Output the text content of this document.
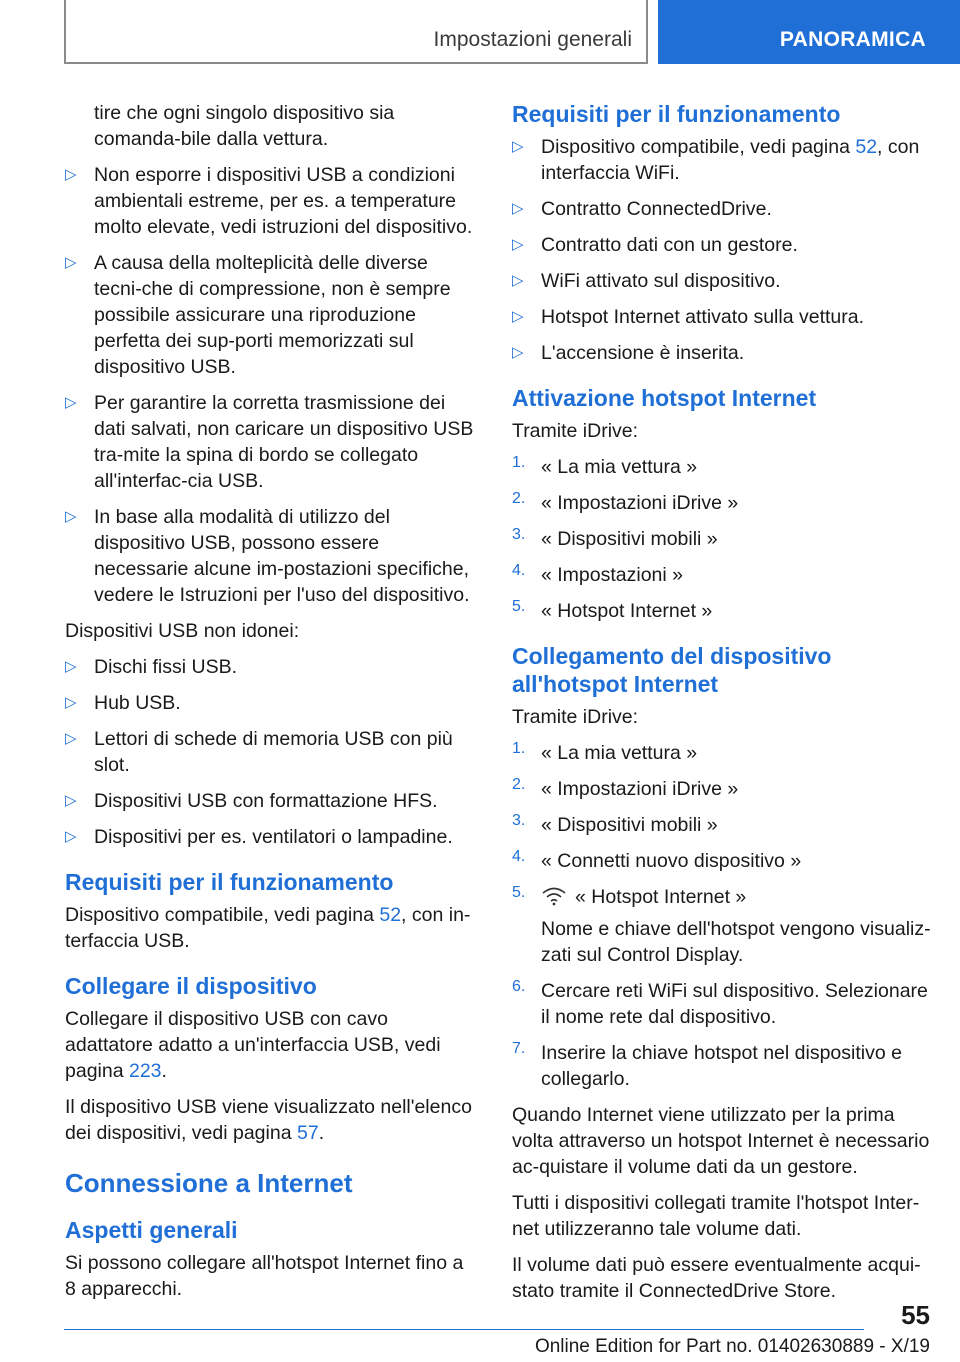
Impostazioni generali	PANORAMICA

tire che ogni singolo dispositivo sia comanda-bile dalla vettura.

▷ Non esporre i dispositivi USB a condizioni ambientali estreme, per es. a temperature molto elevate, vedi istruzioni del dispositivo.

▷ A causa della molteplicità delle diverse tecni-che di compressione, non è sempre possibile assicurare una riproduzione perfetta dei sup-porti memorizzati sul dispositivo USB.

▷ Per garantire la corretta trasmissione dei dati salvati, non caricare un dispositivo USB tra-mite la spina di bordo se collegato all'interfac-cia USB.

▷ In base alla modalità di utilizzo del dispositivo USB, possono essere necessarie alcune im-postazioni specifiche, vedere le Istruzioni per l'uso del dispositivo.

Dispositivi USB non idonei:

▷ Dischi fissi USB.

▷ Hub USB.

▷ Lettori di schede di memoria USB con più slot.

▷ Dispositivi USB con formattazione HFS.

▷ Dispositivi per es. ventilatori o lampadine.

Requisiti per il funzionamento

Dispositivo compatibile, vedi pagina 52, con in-terfaccia USB.

Collegare il dispositivo

Collegare il dispositivo USB con cavo adattatore adatto a un'interfaccia USB, vedi pagina 223.

Il dispositivo USB viene visualizzato nell'elenco dei dispositivi, vedi pagina 57.

Connessione a Internet
Aspetti generali

Si possono collegare all'hotspot Internet fino a 8 apparecchi.

Requisiti per il funzionamento
▷ Dispositivo compatibile, vedi pagina 52, con interfaccia WiFi.

▷ Contratto ConnectedDrive.

▷ Contratto dati con un gestore.

▷ WiFi attivato sul dispositivo.

▷ Hotspot Internet attivato sulla vettura.

▷ L'accensione è inserita.

Attivazione hotspot Internet

Tramite iDrive:

1. « La mia vettura »

2. « Impostazioni iDrive »

3. « Dispositivi mobili »

4. « Impostazioni »

5. « Hotspot Internet »

Collegamento del dispositivo all'hotspot Internet

Tramite iDrive:

1. « La mia vettura »

2. « Impostazioni iDrive »

3. « Dispositivi mobili »

4. « Connetti nuovo dispositivo »

5.	« Hotspot Internet »

Nome e chiave dell'hotspot vengono visualiz-zati sul Control Display.

6. Cercare reti WiFi sul dispositivo. Selezionare il nome rete dal dispositivo.

7. Inserire la chiave hotspot nel dispositivo e collegarlo.

Quando Internet viene utilizzato per la prima volta attraverso un hotspot Internet è necessario ac-quistare il volume dati da un gestore.

Tutti i dispositivi collegati tramite l'hotspot Inter-net utilizzeranno tale volume dati.

Il volume dati può essere eventualmente acqui-stato tramite il ConnectedDrive Store.

55
Online Edition for Part no. 01402630889 - X/19
